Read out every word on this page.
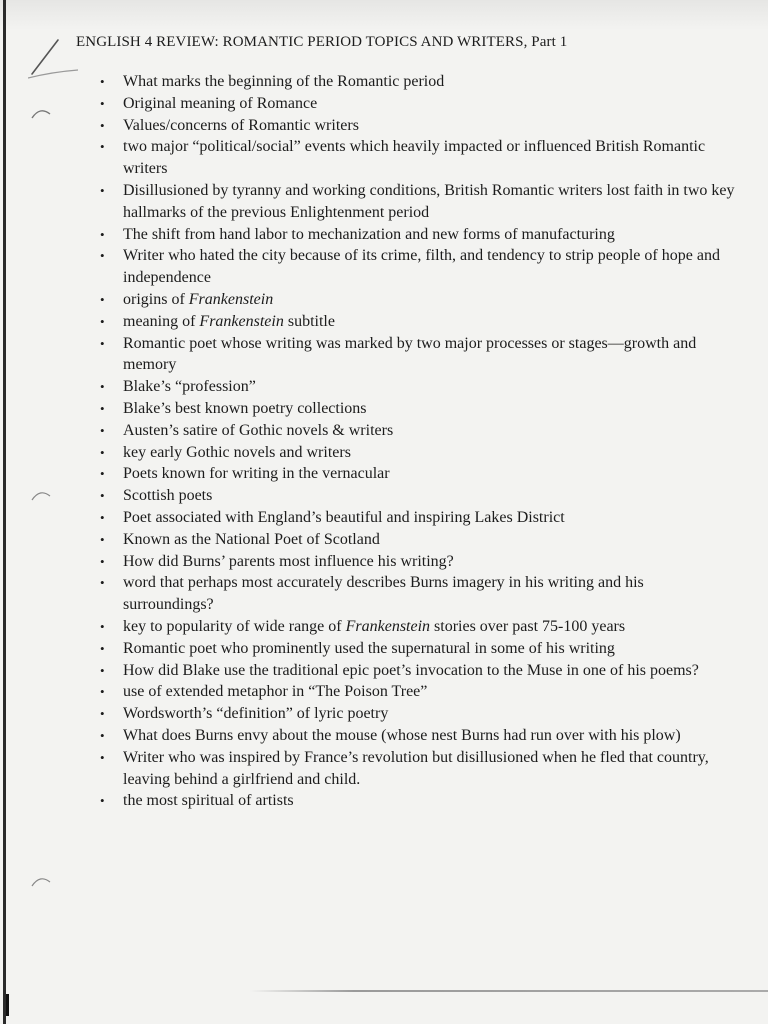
ENGLISH 4 REVIEW: ROMANTIC PERIOD TOPICS AND WRITERS, Part 1
• What marks the beginning of the Romantic period
• Original meaning of Romance
• Values/concerns of Romantic writers
• two major “political/social” events which heavily impacted or influenced British Romantic writers
• Disillusioned by tyranny and working conditions, British Romantic writers lost faith in two key hallmarks of the previous Enlightenment period
• The shift from hand labor to mechanization and new forms of manufacturing
• Writer who hated the city because of its crime, filth, and tendency to strip people of hope and independence
• origins of Frankenstein
• meaning of Frankenstein subtitle
• Romantic poet whose writing was marked by two major processes or stages—growth and memory
• Blake’s “profession”
• Blake’s best known poetry collections
• Austen’s satire of Gothic novels & writers
• key early Gothic novels and writers
• Poets known for writing in the vernacular
• Scottish poets
• Poet associated with England’s beautiful and inspiring Lakes District
• Known as the National Poet of Scotland
• How did Burns’ parents most influence his writing?
• word that perhaps most accurately describes Burns imagery in his writing and his surroundings?
• key to popularity of wide range of Frankenstein stories over past 75-100 years
• Romantic poet who prominently used the supernatural in some of his writing
• How did Blake use the traditional epic poet’s invocation to the Muse in one of his poems?
• use of extended metaphor in “The Poison Tree”
• Wordsworth’s “definition” of lyric poetry
• What does Burns envy about the mouse (whose nest Burns had run over with his plow)
• Writer who was inspired by France’s revolution but disillusioned when he fled that country, leaving behind a girlfriend and child.
• the most spiritual of artists
